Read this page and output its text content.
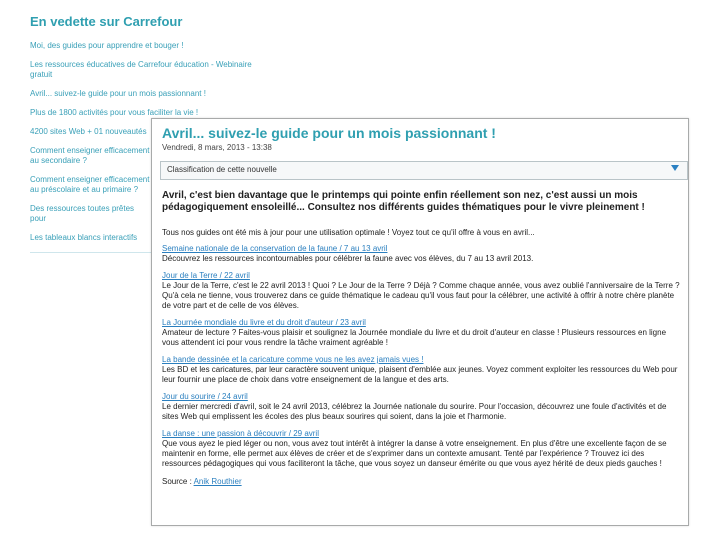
En vedette sur Carrefour
Moi, des guides pour apprendre et bouger !
Les ressources éducatives de Carrefour éducation - Webinaire gratuit
Avril... suivez-le guide pour un mois passionnant !
Plus de 1800 activités pour vous faciliter la vie !
4200 sites Web + 01 nouveautés
Comment enseigner efficacement au secondaire ?
Comment enseigner efficacement au préscolaire et au primaire ?
Des ressources toutes prêtes pour
Les tableaux blancs interactifs
Avril... suivez-le guide pour un mois passionnant !
Vendredi, 8 mars, 2013 - 13:38
Classification de cette nouvelle
Avril, c'est bien davantage que le printemps qui pointe enfin réellement son nez, c'est aussi un mois pédagogiquement ensoleillé... Consultez nos différents guides thématiques pour le vivre pleinement !
Tous nos guides ont été mis à jour pour une utilisation optimale ! Voyez tout ce qu'il offre à vous en avril...
Semaine nationale de la conservation de la faune / 7 au 13 avril
Découvrez les ressources incontournables pour célébrer la faune avec vos élèves, du 7 au 13 avril 2013.
Jour de la Terre / 22 avril
Le Jour de la Terre, c'est le 22 avril 2013 ! Quoi ? Le Jour de la Terre ? Déjà ? Comme chaque année, vous avez oublié l'anniversaire de la Terre ? Qu'à cela ne tienne, vous trouverez dans ce guide thématique le cadeau qu'il vous faut pour la célébrer, une activité à offrir à notre chère planète de votre part et de celle de vos élèves.
La Journée mondiale du livre et du droit d'auteur / 23 avril
Amateur de lecture ? Faites-vous plaisir et soulignez la Journée mondiale du livre et du droit d'auteur en classe ! Plusieurs ressources en ligne vous attendent ici pour vous rendre la tâche vraiment agréable !
La bande dessinée et la caricature comme vous ne les avez jamais vues !
Les BD et les caricatures, par leur caractère souvent unique, plaisent d'emblée aux jeunes. Voyez comment exploiter les ressources du Web pour leur fournir une place de choix dans votre enseignement de la langue et des arts.
Jour du sourire / 24 avril
Le dernier mercredi d'avril, soit le 24 avril 2013, célébrez la Journée nationale du sourire. Pour l'occasion, découvrez une foule d'activités et de sites Web qui emplissent les écoles des plus beaux sourires qui soient, dans la joie et l'harmonie.
La danse : une passion à découvrir / 29 avril
Que vous ayez le pied léger ou non, vous avez tout intérêt à intégrer la danse à votre enseignement. En plus d'être une excellente façon de se maintenir en forme, elle permet aux élèves de créer et de s'exprimer dans un contexte amusant. Tenté par l'expérience ? Trouvez ici des ressources pédagogiques qui vous faciliteront la tâche, que vous soyez un danseur émérite ou que vous ayez hérité de deux pieds gauches !
Source : Anik Routhier
